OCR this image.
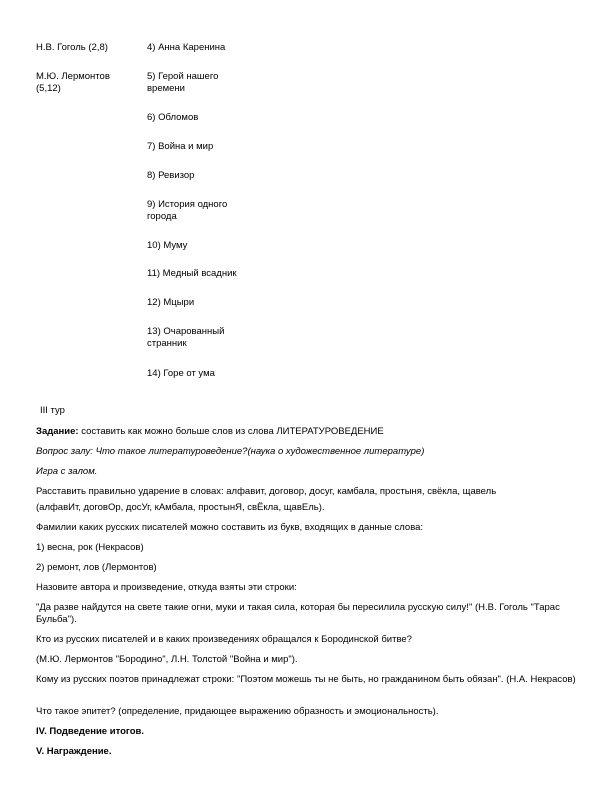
Н.В. Гоголь (2,8)
М.Ю. Лермонтов (5,12)
4) Анна Каренина
5) Герой нашего времени
6) Обломов
7) Война и мир
8) Ревизор
9) История одного города
10) Муму
11) Медный всадник
12) Мцыри
13) Очарованный странник
14) Горе от ума
III тур
Задание: составить как можно больше слов из слова ЛИТЕРАТУРОВЕДЕНИЕ
Вопрос залу: Что такое литературоведение?(наука о художественное литературе)
Игра с залом.
Расставить правильно ударение в словах: алфавит, договор, досуг, камбала, простыня, свёкла, щавель
(алфавИт, договОр, досУг, кАмбала, простынЯ, свЁкла, щавЕль).
Фамилии каких русских писателей можно составить из букв, входящих в данные слова:
1) весна, рок (Некрасов)
2) ремонт, лов (Лермонтов)
Назовите автора и произведение, откуда взяты эти строки:
"Да разве найдутся на свете такие огни, муки и такая сила, которая бы пересилила русскую силу!" (Н.В. Гоголь "Тарас Бульба").
Кто из русских писателей и в каких произведениях обращался к Бородинской битве?
(М.Ю. Лермонтов "Бородино", Л.Н. Толстой "Война и мир").
Кому из русских поэтов принадлежат строки: "Поэтом можешь ты не быть, но гражданином быть обязан". (Н.А. Некрасов)
Что такое эпитет? (определение, придающее выражению образность и эмоциональность).
IV. Подведение итогов.
V. Награждение.
